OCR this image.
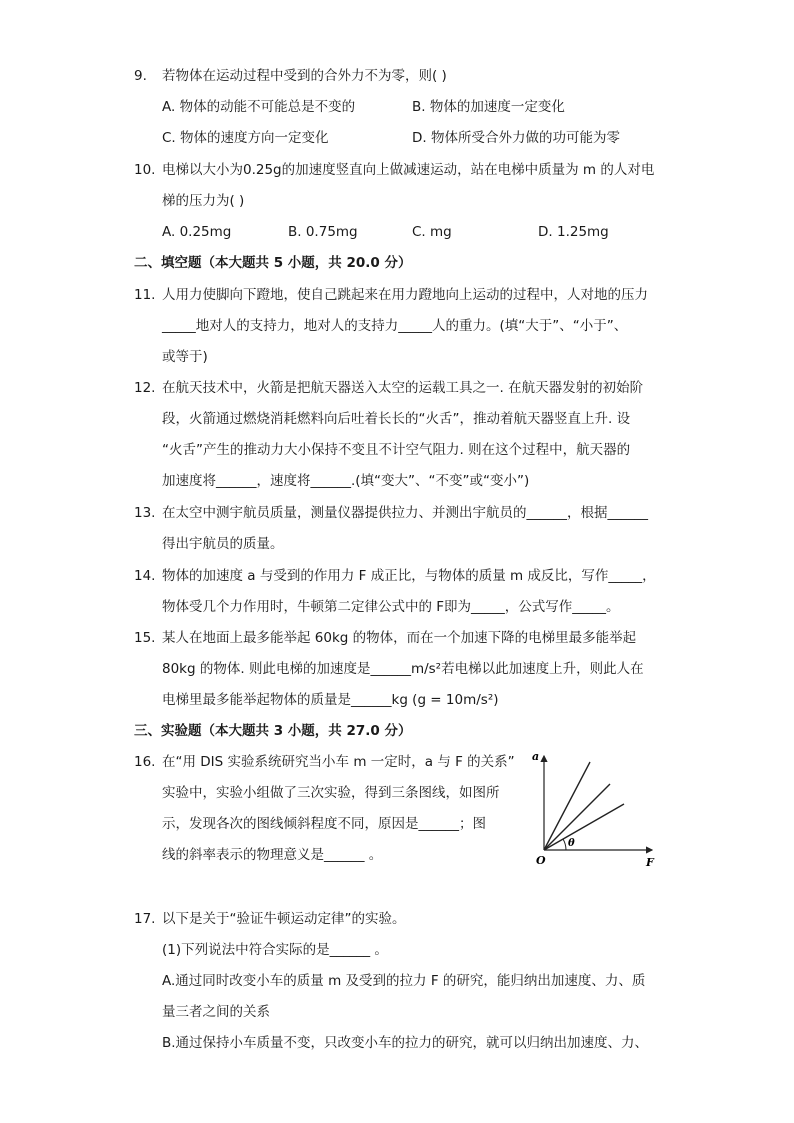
9. 若物体在运动过程中受到的合外力不为零，则( )
A. 物体的动能不可能总是不变的	B. 物体的加速度一定变化
C. 物体的速度方向一定变化	D. 物体所受合外力做的功可能为零
10. 电梯以大小为0.25g的加速度竖直向上做减速运动，站在电梯中质量为 m 的人对电
梯的压力为( )
A. 0.25mg	B. 0.75mg	C. mg	D. 1.25mg
二、填空题（本大题共 5 小题，共 20.0 分）
11. 人用力使脚向下蹬地，使自己跳起来在用力蹬地向上运动的过程中，人对地的压力
_____地对人的支持力，地对人的支持力_____人的重力。(填“大于”、“小于”、
或等于)
12. 在航天技术中，火箭是把航天器送入太空的运载工具之一. 在航天器发射的初始阶
段，火箭通过燃烧消耗燃料向后吐着长长的“火舌”，推动着航天器竖直上升. 设
“火舌”产生的推动力大小保持不变且不计空气阻力. 则在这个过程中，航天器的
加速度将______，速度将______.(填“变大”、“不变”或“变小”)
13. 在太空中测宇航员质量，测量仪器提供拉力、并测出宇航员的______，根据______
得出宇航员的质量。
14. 物体的加速度 a 与受到的作用力 F 成正比，与物体的质量 m 成反比，写作_____，
物体受几个力作用时，牛顿第二定律公式中的 F即为_____，公式写作_____。
15. 某人在地面上最多能举起 60kg 的物体，而在一个加速下降的电梯里最多能举起
80kg 的物体. 则此电梯的加速度是______m/s²若电梯以此加速度上升，则此人在
电梯里最多能举起物体的质量是______kg (g = 10m/s²)
三、实验题（本大题共 3 小题，共 27.0 分）
16. 在“用 DIS 实验系统研究当小车 m 一定时，a 与 F 的关系”
实验中，实验小组做了三次实验，得到三条图线，如图所
示，发现各次的图线倾斜程度不同，原因是______；图
线的斜率表示的物理意义是______ 。
a
F
O
θ
17. 以下是关于“验证牛顿运动定律”的实验。
(1)下列说法中符合实际的是______ 。
A.通过同时改变小车的质量 m 及受到的拉力 F 的研究，能归纳出加速度、力、质
量三者之间的关系
B.通过保持小车质量不变，只改变小车的拉力的研究，就可以归纳出加速度、力、
